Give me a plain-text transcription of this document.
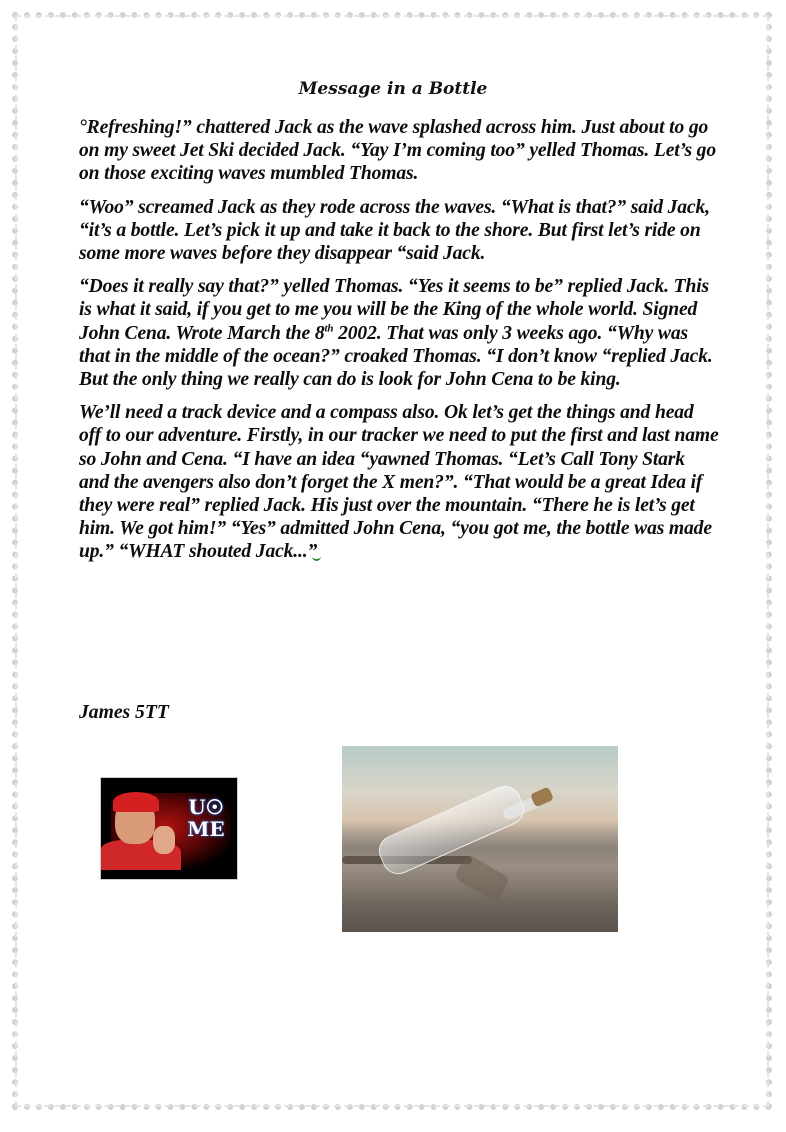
Message in a Bottle

°Refreshing!” chattered Jack as the wave splashed across him. Just about to go on my sweet Jet Ski decided Jack. “Yay I’m coming too” yelled Thomas. Let’s go on those exciting waves mumbled Thomas.

“Woo” screamed Jack as they rode across the waves. “What is that?” said Jack, “it’s a bottle. Let’s pick it up and take it back to the shore. But first let’s ride on some more waves before they disappear “said Jack.

“Does it really say that?” yelled Thomas. “Yes it seems to be” replied Jack. This is what it said, if you get to me you will be the King of the whole world. Signed John Cena. Wrote March the 8th 2002. That was only 3 weeks ago. “Why was that in the middle of the ocean?” croaked Thomas. “I don’t know “replied Jack. But the only thing we really can do is look for John Cena to be king.

We’ll need a track device and a compass also. Ok let’s get the things and head off to our adventure. Firstly, in our tracker we need to put the first and last name so John and Cena. “I have an idea “yawned Thomas. “Let’s Call Tony Stark and the avengers also don’t forget the X men?”. “That would be a great Idea if they were real” replied Jack. His just over the mountain. “There he is let’s get him. We got him!” “Yes” admitted John Cena, “you got me, the bottle was made up.” “WHAT shouted Jack...”

James 5TT
U☉
ME
